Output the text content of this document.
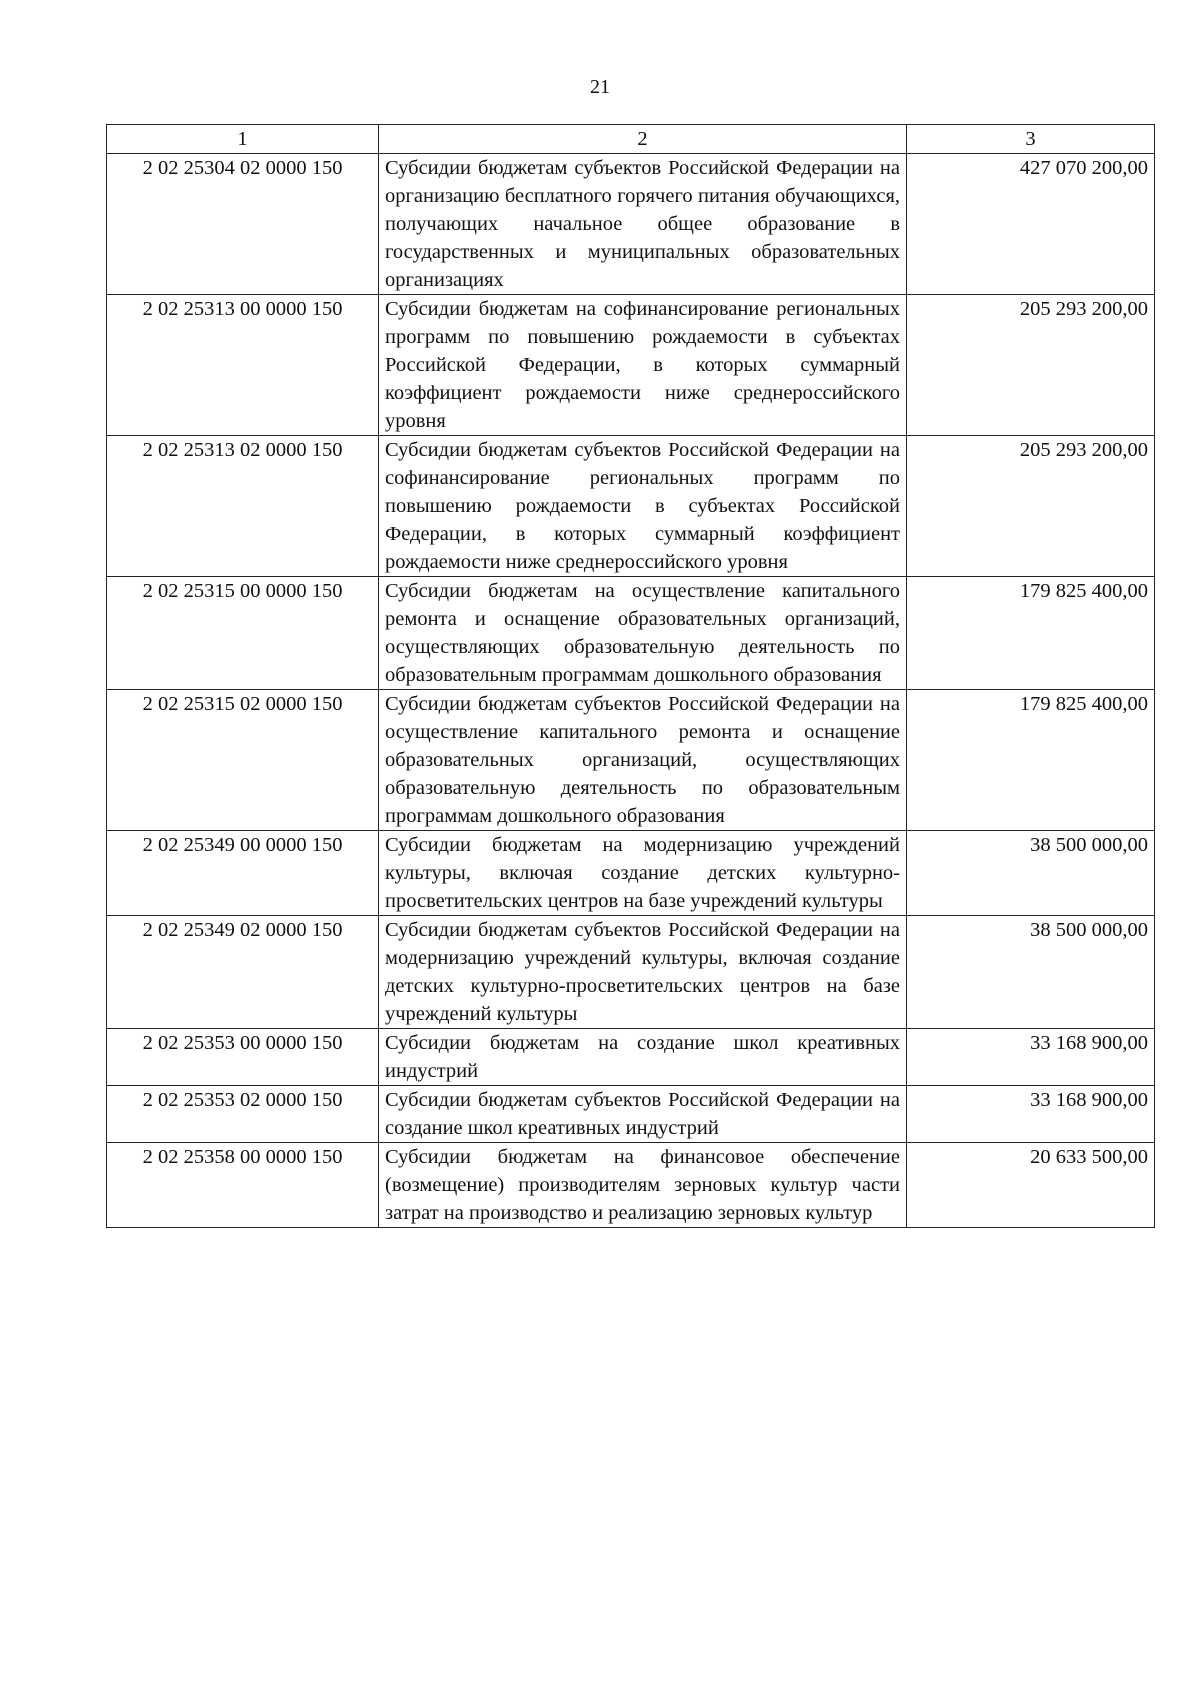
21
1	2	3
2 02 25304 02 0000 150	Субсидии бюджетам субъектов Российской Федерации на организацию бесплатного горячего питания обучающихся, получающих начальное общее образование в государственных и муниципальных образовательных организациях	427 070 200,00
2 02 25313 00 0000 150	Субсидии бюджетам на софинансирование региональных программ по повышению рождаемости в субъектах Российской Федерации, в которых суммарный коэффициент рождаемости ниже среднероссийского уровня	205 293 200,00
2 02 25313 02 0000 150	Субсидии бюджетам субъектов Российской Федерации на софинансирование региональных программ по повышению рождаемости в субъектах Российской Федерации, в которых суммарный коэффициент рождаемости ниже среднероссийского уровня	205 293 200,00
2 02 25315 00 0000 150	Субсидии бюджетам на осуществление капитального ремонта и оснащение образовательных организаций, осуществляющих образовательную деятельность по образовательным программам дошкольного образования	179 825 400,00
2 02 25315 02 0000 150	Субсидии бюджетам субъектов Российской Федерации на осуществление капитального ремонта и оснащение образовательных организаций, осуществляющих образовательную деятельность по образовательным программам дошкольного образования	179 825 400,00
2 02 25349 00 0000 150	Субсидии бюджетам на модернизацию учреждений культуры, включая создание детских культурно-просветительских центров на базе учреждений культуры	38 500 000,00
2 02 25349 02 0000 150	Субсидии бюджетам субъектов Российской Федерации на модернизацию учреждений культуры, включая создание детских культурно-просветительских центров на базе учреждений культуры	38 500 000,00
2 02 25353 00 0000 150	Субсидии бюджетам на создание школ креативных индустрий	33 168 900,00
2 02 25353 02 0000 150	Субсидии бюджетам субъектов Российской Федерации на создание школ креативных индустрий	33 168 900,00
2 02 25358 00 0000 150	Субсидии бюджетам на финансовое обеспечение (возмещение) производителям зерновых культур части затрат на производство и реализацию зерновых культур	20 633 500,00
